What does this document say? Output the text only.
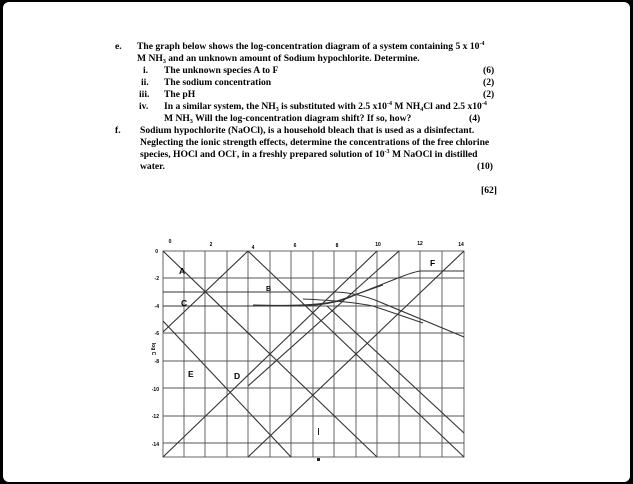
e. The graph below shows the log-concentration diagram of a system containing 5 x $10^{-4}$
M $NH_3$ and an unknown amount of Sodium hypochlorite. Determine.
i. The unknown species A to F	(6)
ii. The sodium concentration	(2)
iii. The pH	(2)
iv. In a similar system, the $NH_3$ is substituted with 2.5 $x10^{-4}$ M $NH_4Cl$ and 2.5 $x10^{-4}$
M $NH_3$ Will the log-concentration diagram shift? If so, how?	(4)
f. Sodium hypochlorite (NaOCl), is a household bleach that is used as a disinfectant.
Neglecting the ionic strength effects, determine the concentrations of the free chlorine
species, HOCl and OCl-, in a freshly prepared solution of $10^{-3}$ M NaOCl in distilled
water.	(10)
[62]
0	2	4	6	8	10	12	14
0
-2
-4
-6
-8
-10
-12
-14
log C
A
B
C
D
E
F
